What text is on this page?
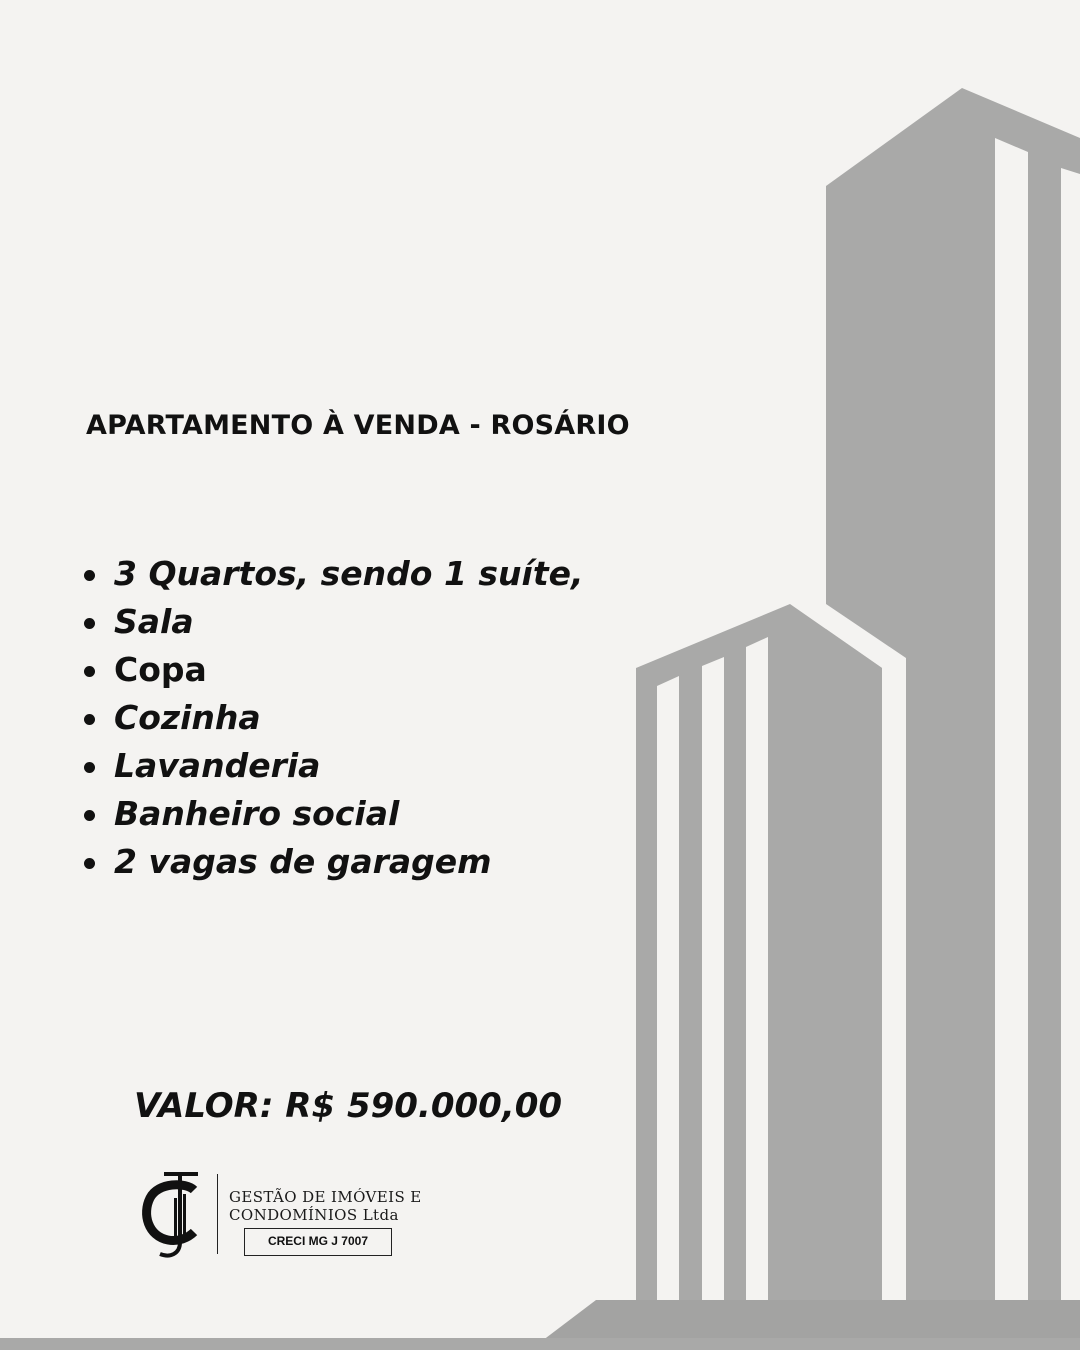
APARTAMENTO À VENDA - ROSÁRIO
3 Quartos, sendo 1 suíte,
Sala
Copa
Cozinha
Lavanderia
Banheiro social
2 vagas de garagem

VALOR: R$ 590.000,00

GESTÃO DE IMÓVEIS E
CONDOMÍNIOS Ltda
CRECI MG J 7007
